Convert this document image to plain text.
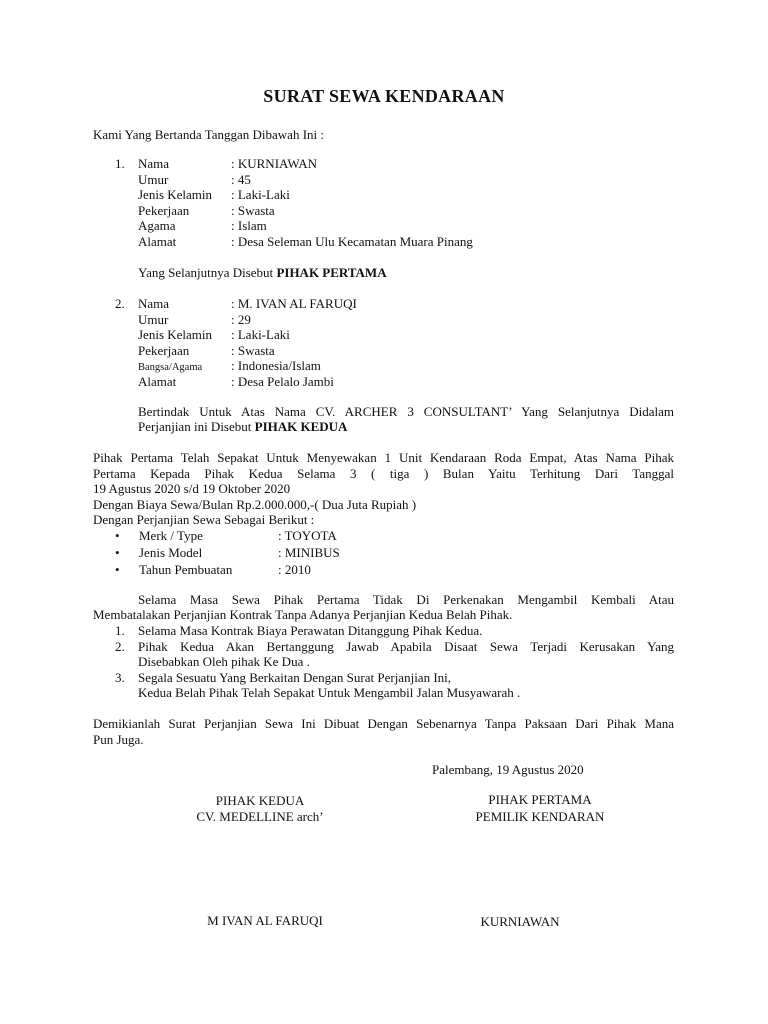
SURAT SEWA KENDARAAN
Kami Yang Bertanda Tanggan Dibawah Ini :
1. Nama	: KURNIAWAN
Umur	: 45
Jenis Kelamin : Laki-Laki
Pekerjaan	: Swasta
Agama	: Islam
Alamat	: Desa Seleman Ulu Kecamatan Muara Pinang
Yang Selanjutnya Disebut PIHAK PERTAMA
2. Nama	: M. IVAN AL FARUQI
Umur	: 29
Jenis Kelamin : Laki-Laki
Pekerjaan	: Swasta
Bangsa/Agama : Indonesia/Islam
Alamat	: Desa Pelalo Jambi
Bertindak Untuk Atas Nama CV. ARCHER 3 CONSULTANT’ Yang Selanjutnya Didalam
Perjanjian ini Disebut PIHAK KEDUA
Pihak Pertama Telah Sepakat Untuk Menyewakan 1 Unit Kendaraan Roda Empat, Atas Nama Pihak
Pertama Kepada Pihak Kedua Selama 3 ( tiga ) Bulan Yaitu Terhitung Dari Tanggal
19 Agustus 2020 s/d 19 Oktober 2020
Dengan Biaya Sewa/Bulan Rp.2.000.000,-( Dua Juta Rupiah )
Dengan Perjanjian Sewa Sebagai Berikut :
• Merk / Type	: TOYOTA
• Jenis Model	: MINIBUS
• Tahun Pembuatan	: 2010
Selama Masa Sewa Pihak Pertama Tidak Di Perkenakan Mengambil Kembali Atau
Membatalakan Perjanjian Kontrak Tanpa Adanya Perjanjian Kedua Belah Pihak.
1. Selama Masa Kontrak Biaya Perawatan Ditanggung Pihak Kedua.
2. Pihak Kedua Akan Bertanggung Jawab Apabila Disaat Sewa Terjadi Kerusakan Yang
Disebabkan Oleh pihak Ke Dua .
3. Segala Sesuatu Yang Berkaitan Dengan Surat Perjanjian Ini,
Kedua Belah Pihak Telah Sepakat Untuk Mengambil Jalan Musyawarah .
Demikianlah Surat Perjanjian Sewa Ini Dibuat Dengan Sebenarnya Tanpa Paksaan Dari Pihak Mana
Pun Juga.
Palembang, 19 Agustus 2020
PIHAK KEDUA
CV. MEDELLINE arch’
PIHAK PERTAMA
PEMILIK KENDARAN
M IVAN AL FARUQI	KURNIAWAN
